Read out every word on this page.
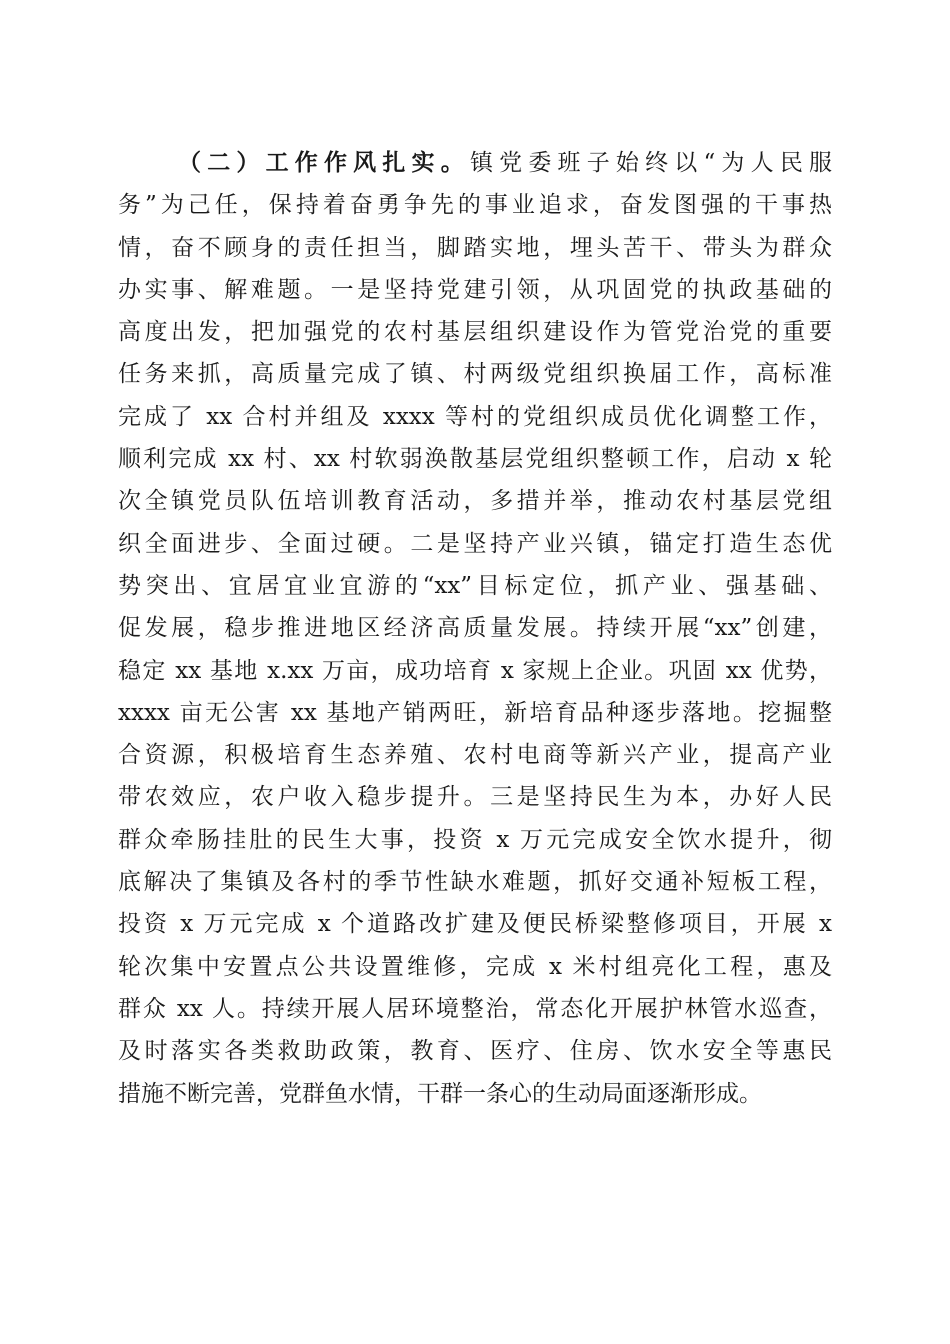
（二）工作作风扎实。镇党委班子始终以“为人民服
务”为己任，保持着奋勇争先的事业追求，奋发图强的干事热
情，奋不顾身的责任担当，脚踏实地，埋头苦干、带头为群众
办实事、解难题。一是坚持党建引领，从巩固党的执政基础的
高度出发，把加强党的农村基层组织建设作为管党治党的重要
任务来抓，高质量完成了镇、村两级党组织换届工作，高标准
完成了 xx 合村并组及 xxxx 等村的党组织成员优化调整工作，
顺利完成 xx 村、xx 村软弱涣散基层党组织整顿工作，启动 x 轮
次全镇党员队伍培训教育活动，多措并举，推动农村基层党组
织全面进步、全面过硬。二是坚持产业兴镇，锚定打造生态优
势突出、宜居宜业宜游的“xx”目标定位，抓产业、强基础、
促发展，稳步推进地区经济高质量发展。持续开展“xx”创建，
稳定 xx 基地 x.xx 万亩，成功培育 x 家规上企业。巩固 xx 优势，
xxxx 亩无公害 xx 基地产销两旺，新培育品种逐步落地。挖掘整
合资源，积极培育生态养殖、农村电商等新兴产业，提高产业
带农效应，农户收入稳步提升。三是坚持民生为本，办好人民
群众牵肠挂肚的民生大事，投资 x 万元完成安全饮水提升，彻
底解决了集镇及各村的季节性缺水难题，抓好交通补短板工程，
投资 x 万元完成 x 个道路改扩建及便民桥梁整修项目，开展 x
轮次集中安置点公共设置维修，完成 x 米村组亮化工程，惠及
群众 xx 人。持续开展人居环境整治，常态化开展护林管水巡查，
及时落实各类救助政策，教育、医疗、住房、饮水安全等惠民
措施不断完善，党群鱼水情，干群一条心的生动局面逐渐形成。
